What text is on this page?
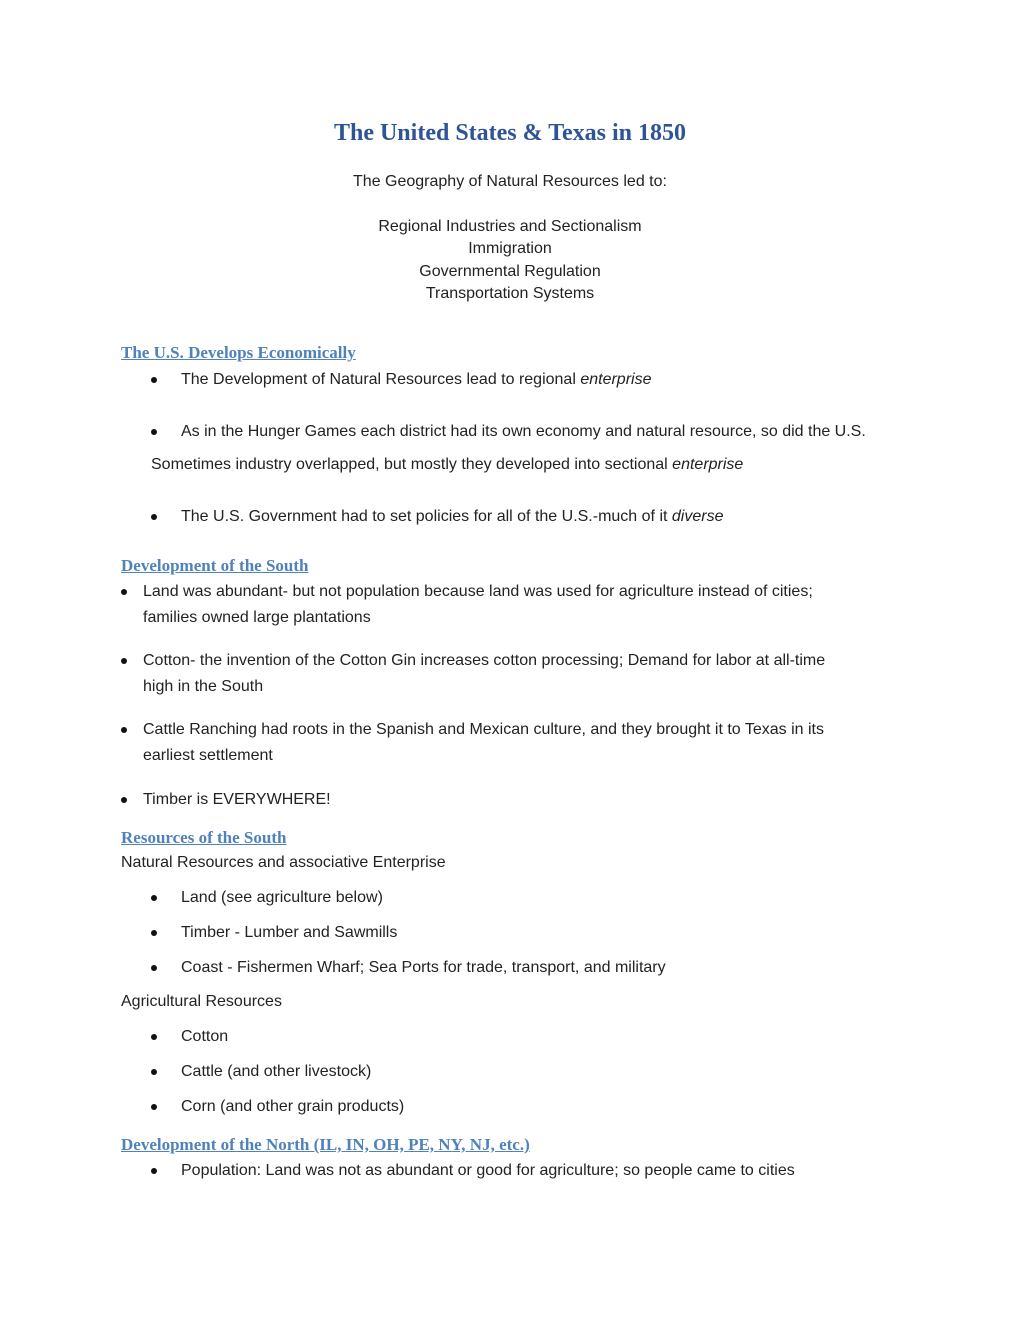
The United States & Texas in 1850
The Geography of Natural Resources led to:
Regional Industries and Sectionalism
Immigration
Governmental Regulation
Transportation Systems
The U.S. Develops Economically
The Development of Natural Resources lead to regional enterprise
As in the Hunger Games each district had its own economy and natural resource, so did the U.S.
Sometimes industry overlapped, but mostly they developed into sectional enterprise
The U.S. Government had to set policies for all of the U.S.-much of it diverse
Development of the South
Land was abundant- but not population because land was used for agriculture instead of cities;
families owned large plantations
Cotton- the invention of the Cotton Gin increases cotton processing; Demand for labor at all-time
high in the South
Cattle Ranching had roots in the Spanish and Mexican culture, and they brought it to Texas in its
earliest settlement
Timber is EVERYWHERE!
Resources of the South
Natural Resources and associative Enterprise
Land (see agriculture below)
Timber - Lumber and Sawmills
Coast - Fishermen Wharf; Sea Ports for trade, transport, and military
Agricultural Resources
Cotton
Cattle (and other livestock)
Corn (and other grain products)
Development of the North (IL, IN, OH, PE, NY, NJ, etc.)
Population: Land was not as abundant or good for agriculture; so people came to cities
